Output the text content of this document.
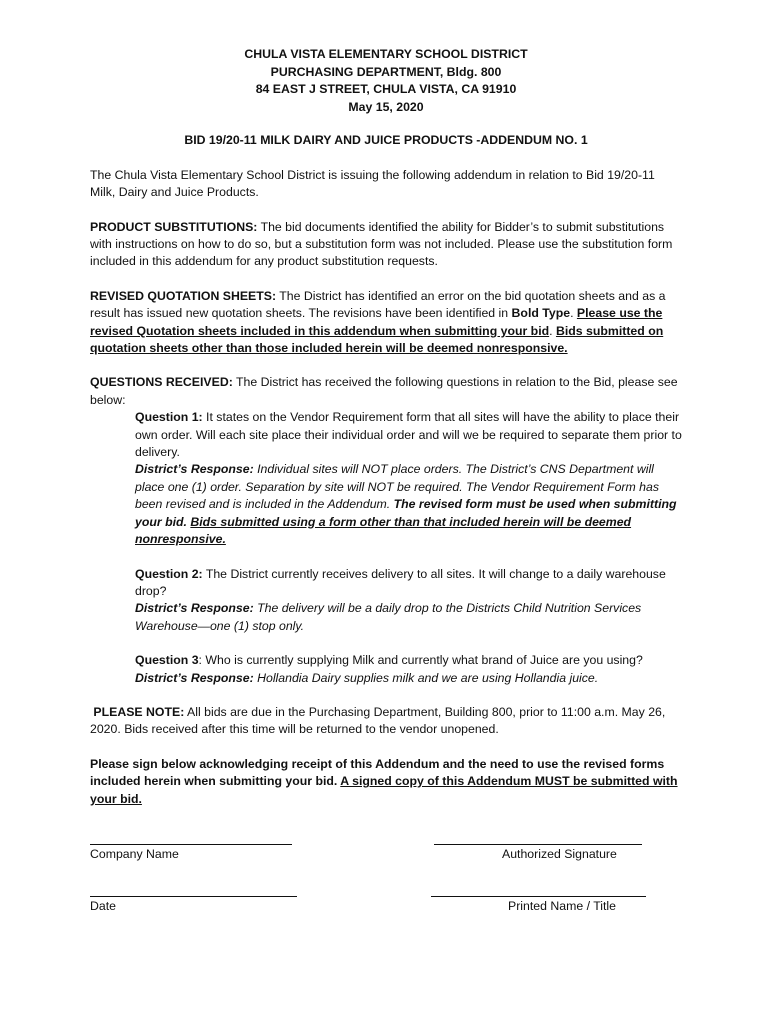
CHULA VISTA ELEMENTARY SCHOOL DISTRICT
PURCHASING DEPARTMENT, Bldg. 800
84 EAST J STREET, CHULA VISTA, CA 91910
May 15, 2020
BID 19/20-11 MILK DAIRY AND JUICE PRODUCTS -ADDENDUM NO. 1

The Chula Vista Elementary School District is issuing the following addendum in relation to Bid 19/20-11 Milk, Dairy and Juice Products.

PRODUCT SUBSTITUTIONS: The bid documents identified the ability for Bidder’s to submit substitutions with instructions on how to do so, but a substitution form was not included. Please use the substitution form included in this addendum for any product substitution requests.

REVISED QUOTATION SHEETS: The District has identified an error on the bid quotation sheets and as a result has issued new quotation sheets. The revisions have been identified in Bold Type. Please use the revised Quotation sheets included in this addendum when submitting your bid. Bids submitted on quotation sheets other than those included herein will be deemed nonresponsive.

QUESTIONS RECEIVED: The District has received the following questions in relation to the Bid, please see below:

Question 1: It states on the Vendor Requirement form that all sites will have the ability to place their own order. Will each site place their individual order and will we be required to separate them prior to delivery.

District’s Response: Individual sites will NOT place orders. The District’s CNS Department will place one (1) order. Separation by site will NOT be required. The Vendor Requirement Form has been revised and is included in the Addendum. The revised form must be used when submitting your bid. Bids submitted using a form other than that included herein will be deemed nonresponsive.

Question 2: The District currently receives delivery to all sites. It will change to a daily warehouse drop?

District’s Response: The delivery will be a daily drop to the Districts Child Nutrition Services Warehouse—one (1) stop only.

Question 3: Who is currently supplying Milk and currently what brand of Juice are you using?

District’s Response: Hollandia Dairy supplies milk and we are using Hollandia juice.

PLEASE NOTE: All bids are due in the Purchasing Department, Building 800, prior to 11:00 a.m. May 26, 2020. Bids received after this time will be returned to the vendor unopened.

Please sign below acknowledging receipt of this Addendum and the need to use the revised forms included herein when submitting your bid. A signed copy of this Addendum MUST be submitted with your bid.

Company Name	Authorized Signature
Date	Printed Name / Title
